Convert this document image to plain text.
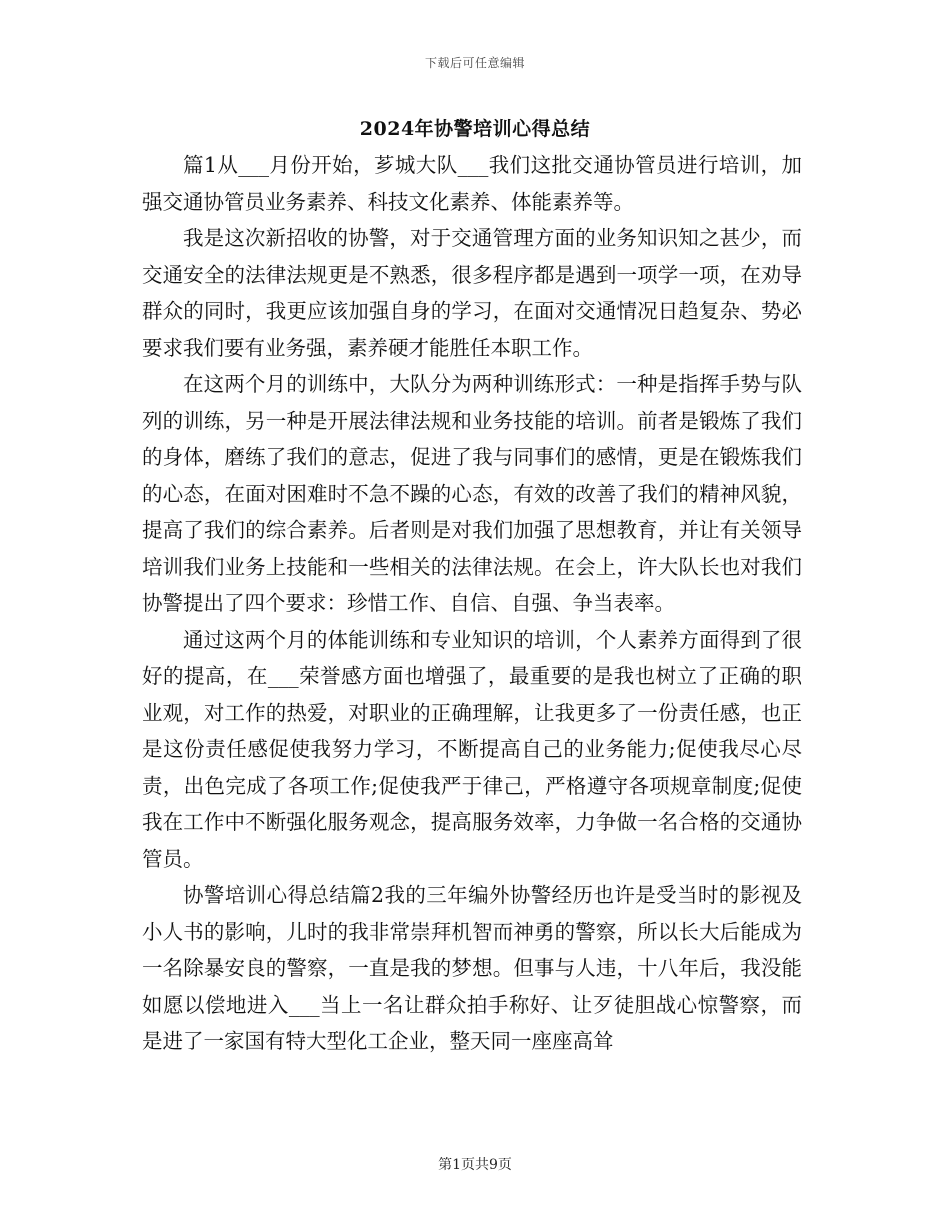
下载后可任意编辑
2024年协警培训心得总结

篇1从___月份开始，芗城大队___我们这批交通协管员进行培训，加强交通协管员业务素养、科技文化素养、体能素养等。

我是这次新招收的协警，对于交通管理方面的业务知识知之甚少，而交通安全的法律法规更是不熟悉，很多程序都是遇到一项学一项，在劝导群众的同时，我更应该加强自身的学习，在面对交通情况日趋复杂、势必要求我们要有业务强，素养硬才能胜任本职工作。

在这两个月的训练中，大队分为两种训练形式：一种是指挥手势与队列的训练，另一种是开展法律法规和业务技能的培训。前者是锻炼了我们的身体，磨练了我们的意志，促进了我与同事们的感情，更是在锻炼我们的心态，在面对困难时不急不躁的心态，有效的改善了我们的精神风貌，提高了我们的综合素养。后者则是对我们加强了思想教育，并让有关领导培训我们业务上技能和一些相关的法律法规。在会上，许大队长也对我们协警提出了四个要求：珍惜工作、自信、自强、争当表率。

通过这两个月的体能训练和专业知识的培训，个人素养方面得到了很好的提高，在___荣誉感方面也增强了，最重要的是我也树立了正确的职业观，对工作的热爱，对职业的正确理解，让我更多了一份责任感，也正是这份责任感促使我努力学习，不断提高自己的业务能力;促使我尽心尽责，出色完成了各项工作;促使我严于律己，严格遵守各项规章制度;促使我在工作中不断强化服务观念，提高服务效率，力争做一名合格的交通协管员。

协警培训心得总结篇2我的三年编外协警经历也许是受当时的影视及小人书的影响，儿时的我非常崇拜机智而神勇的警察，所以长大后能成为一名除暴安良的警察，一直是我的梦想。但事与人违，十八年后，我没能如愿以偿地进入___当上一名让群众拍手称好、让歹徒胆战心惊警察，而是进了一家国有特大型化工企业，整天同一座座高耸

第1页共9页
